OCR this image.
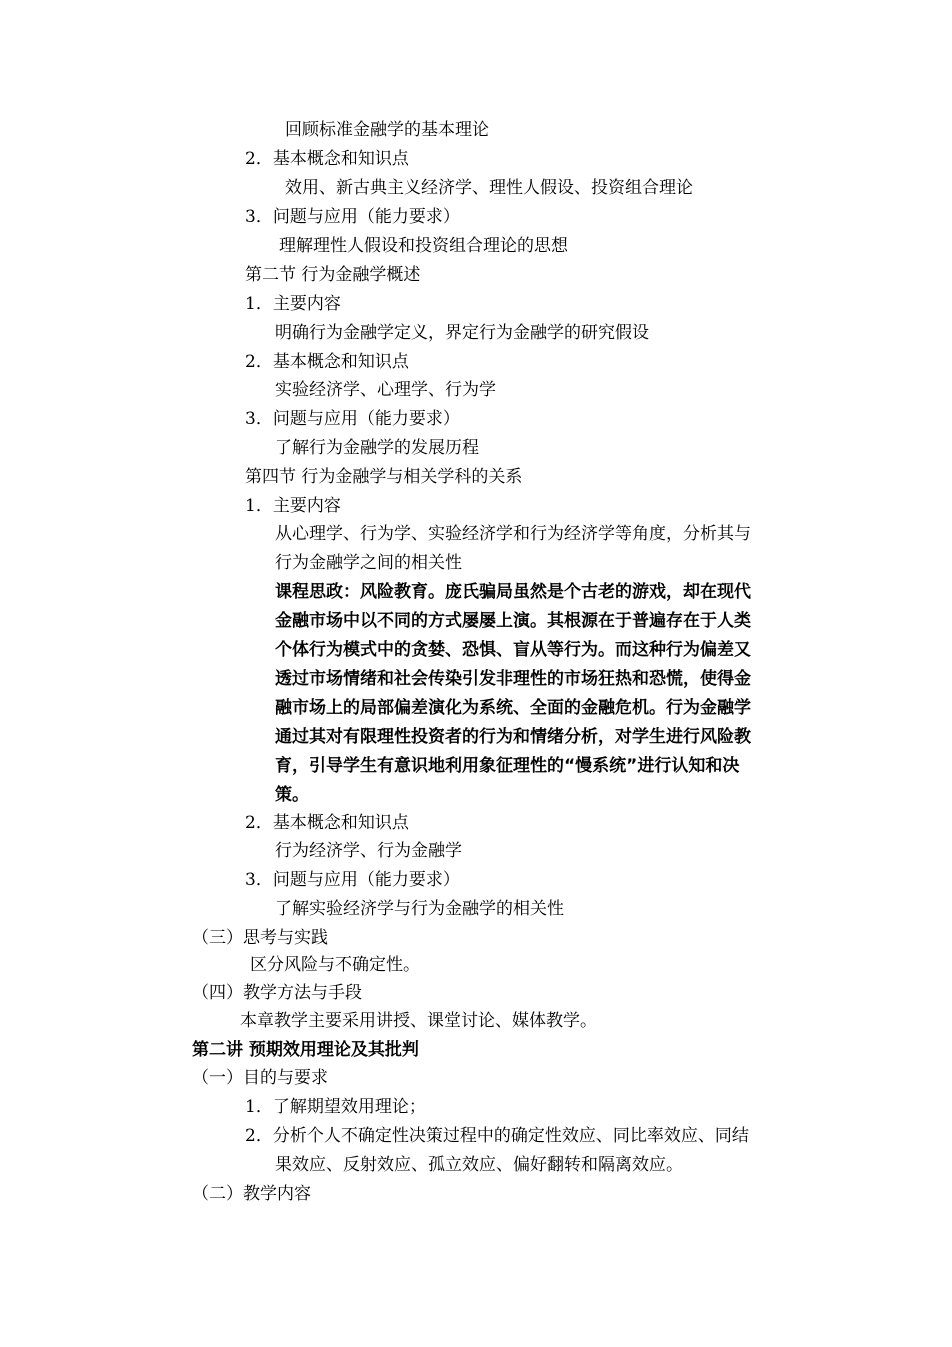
回顾标准金融学的基本理论
2．基本概念和知识点
效用、新古典主义经济学、理性人假设、投资组合理论
3．问题与应用（能力要求）
理解理性人假设和投资组合理论的思想
第二节 行为金融学概述
1．主要内容
明确行为金融学定义，界定行为金融学的研究假设
2．基本概念和知识点
实验经济学、心理学、行为学
3．问题与应用（能力要求）
了解行为金融学的发展历程
第四节 行为金融学与相关学科的关系
1．主要内容
从心理学、行为学、实验经济学和行为经济学等角度，分析其与
行为金融学之间的相关性
课程思政：风险教育。庞氏骗局虽然是个古老的游戏，却在现代
金融市场中以不同的方式屡屡上演。其根源在于普遍存在于人类
个体行为模式中的贪婪、恐惧、盲从等行为。而这种行为偏差又
透过市场情绪和社会传染引发非理性的市场狂热和恐慌，使得金
融市场上的局部偏差演化为系统、全面的金融危机。行为金融学
通过其对有限理性投资者的行为和情绪分析，对学生进行风险教
育，引导学生有意识地利用象征理性的“慢系统”进行认知和决
策。
2．基本概念和知识点
行为经济学、行为金融学
3．问题与应用（能力要求）
了解实验经济学与行为金融学的相关性
（三）思考与实践
区分风险与不确定性。
（四）教学方法与手段
本章教学主要采用讲授、课堂讨论、媒体教学。
第二讲 预期效用理论及其批判
（一）目的与要求
1．了解期望效用理论；
2．分析个人不确定性决策过程中的确定性效应、同比率效应、同结
果效应、反射效应、孤立效应、偏好翻转和隔离效应。
（二）教学内容
